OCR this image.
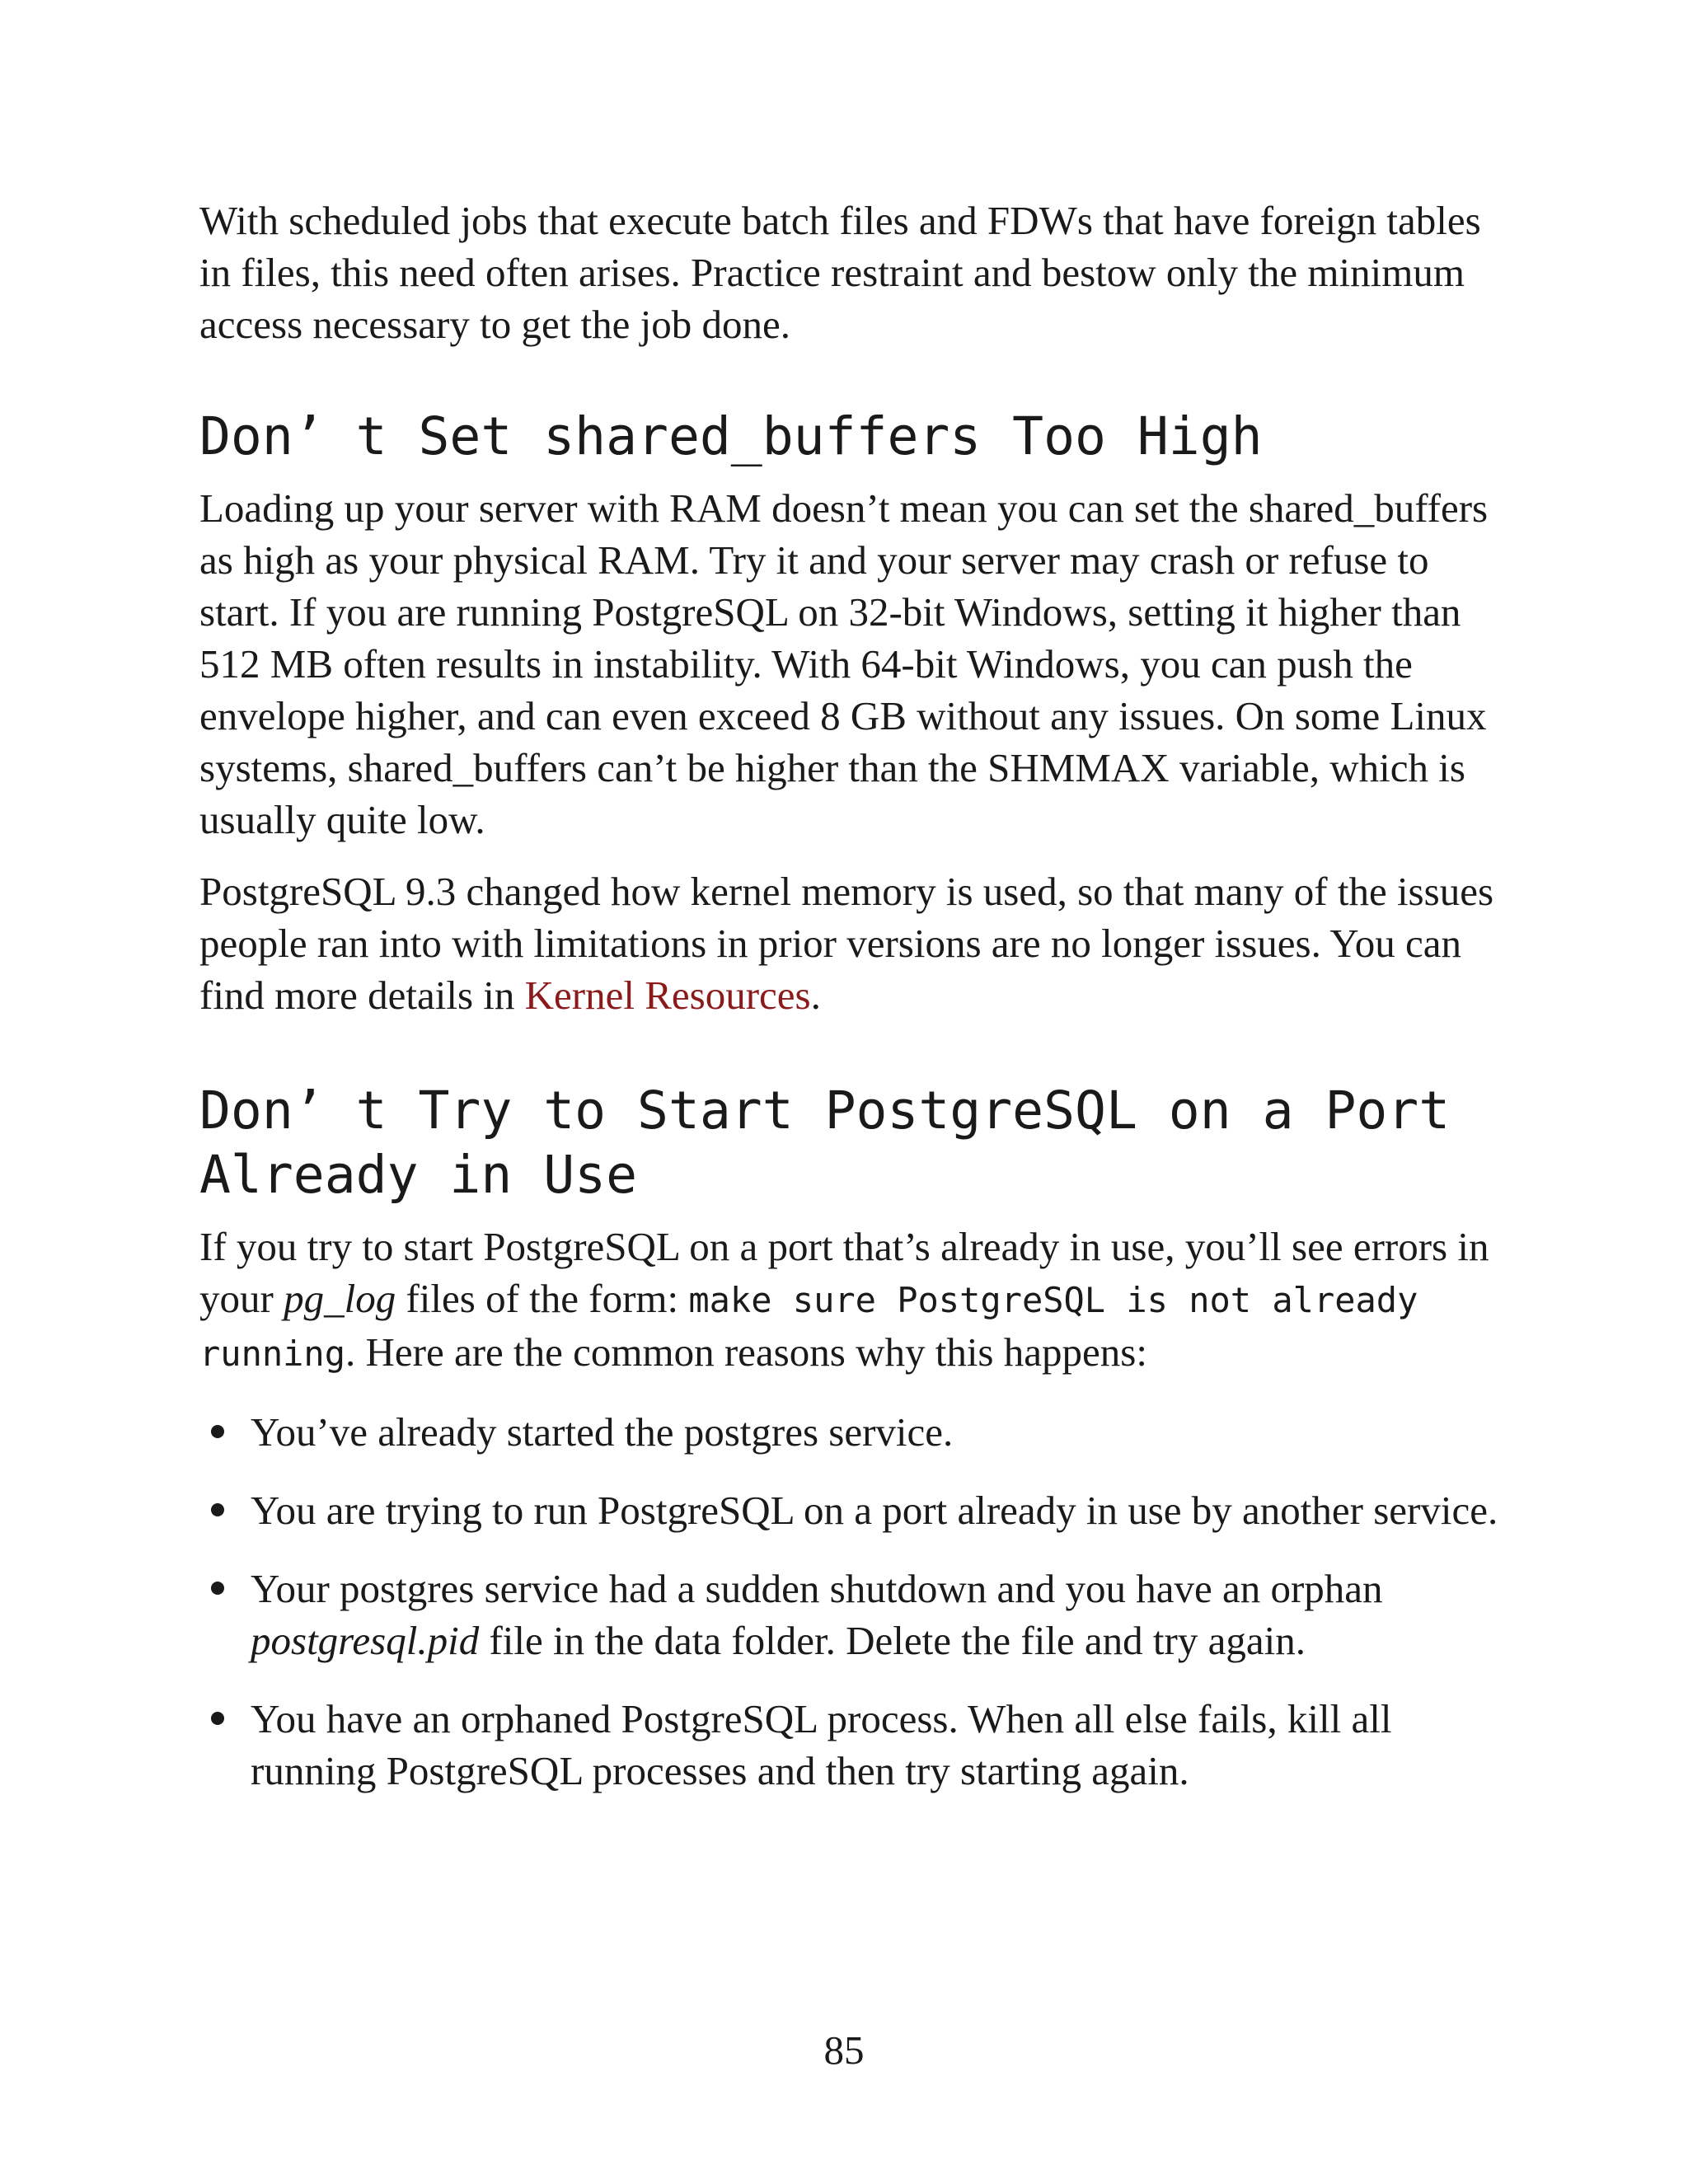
With scheduled jobs that execute batch files and FDWs that have foreign tables in files, this need often arises. Practice restraint and bestow only the minimum access necessary to get the job done.

Don’ t Set shared_buffers Too High

Loading up your server with RAM doesn’t mean you can set the shared_buffers as high as your physical RAM. Try it and your server may crash or refuse to start. If you are running PostgreSQL on 32-bit Windows, setting it higher than 512 MB often results in instability. With 64-bit Windows, you can push the envelope higher, and can even exceed 8 GB without any issues. On some Linux systems, shared_buffers can’t be higher than the SHMMAX variable, which is usually quite low.

PostgreSQL 9.3 changed how kernel memory is used, so that many of the issues people ran into with limitations in prior versions are no longer issues. You can find more details in Kernel Resources.

Don’ t Try to Start PostgreSQL on a Port
Already in Use

If you try to start PostgreSQL on a port that’s already in use, you’ll see errors in your pg_log files of the form: make sure PostgreSQL is not already running. Here are the common reasons why this happens:

You’ve already started the postgres service.
You are trying to run PostgreSQL on a port already in use by another service.
Your postgres service had a sudden shutdown and you have an orphan postgresql.pid file in the data folder. Delete the file and try again.
You have an orphaned PostgreSQL process. When all else fails, kill all running PostgreSQL processes and then try starting again.
85
